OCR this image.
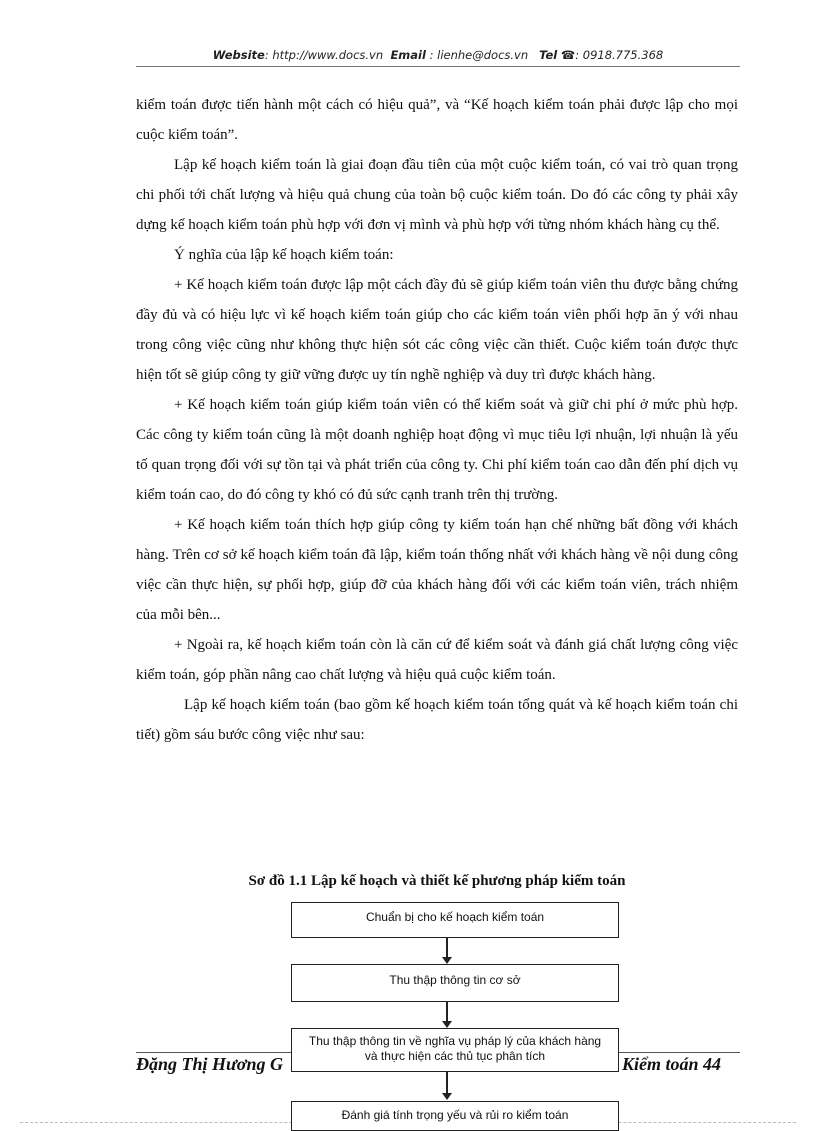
Website: http://www.docs.vn Email : lienhe@docs.vn Tel ☎: 0918.775.368

kiểm toán được tiến hành một cách có hiệu quả”, và “Kế hoạch kiểm toán phải được lập cho mọi cuộc kiểm toán”.

Lập kế hoạch kiểm toán là giai đoạn đầu tiên của một cuộc kiểm toán, có vai trò quan trọng chi phối tới chất lượng và hiệu quả chung của toàn bộ cuộc kiểm toán. Do đó các công ty phải xây dựng kế hoạch kiểm toán phù hợp với đơn vị mình và phù hợp với từng nhóm khách hàng cụ thể.

Ý nghĩa của lập kế hoạch kiểm toán:

+ Kế hoạch kiểm toán được lập một cách đầy đủ sẽ giúp kiểm toán viên thu được bằng chứng đầy đủ và có hiệu lực vì kế hoạch kiểm toán giúp cho các kiểm toán viên phối hợp ăn ý với nhau trong công việc cũng như không thực hiện sót các công việc cần thiết. Cuộc kiểm toán được thực hiện tốt sẽ giúp công ty giữ vững được uy tín nghề nghiệp và duy trì được khách hàng.

+ Kế hoạch kiểm toán giúp kiểm toán viên có thể kiểm soát và giữ chi phí ở mức phù hợp. Các công ty kiểm toán cũng là một doanh nghiệp hoạt động vì mục tiêu lợi nhuận, lợi nhuận là yếu tố quan trọng đối với sự tồn tại và phát triển của công ty. Chi phí kiểm toán cao dẫn đến phí dịch vụ kiểm toán cao, do đó công ty khó có đủ sức cạnh tranh trên thị trường.

+ Kế hoạch kiểm toán thích hợp giúp công ty kiểm toán hạn chế những bất đồng với khách hàng. Trên cơ sở kế hoạch kiểm toán đã lập, kiểm toán thống nhất với khách hàng về nội dung công việc cần thực hiện, sự phối hợp, giúp đỡ của khách hàng đối với các kiểm toán viên, trách nhiệm của mỗi bên...

+ Ngoài ra, kế hoạch kiểm toán còn là căn cứ để kiểm soát và đánh giá chất lượng công việc kiểm toán, góp phần nâng cao chất lượng và hiệu quả cuộc kiểm toán.

Lập kế hoạch kiểm toán (bao gồm kế hoạch kiểm toán tổng quát và kế hoạch kiểm toán chi tiết) gồm sáu bước công việc như sau:

Sơ đồ 1.1 Lập kế hoạch và thiết kế phương pháp kiểm toán
Chuẩn bị cho kế hoạch kiểm toán
Thu thập thông tin cơ sở
Đặng Thị Hương G	Kiểm toán 44
Thu thập thông tin về nghĩa vụ pháp lý của khách hàng và thực hiện các thủ tục phân tích
Đánh giá tính trọng yếu và rủi ro kiểm toán
